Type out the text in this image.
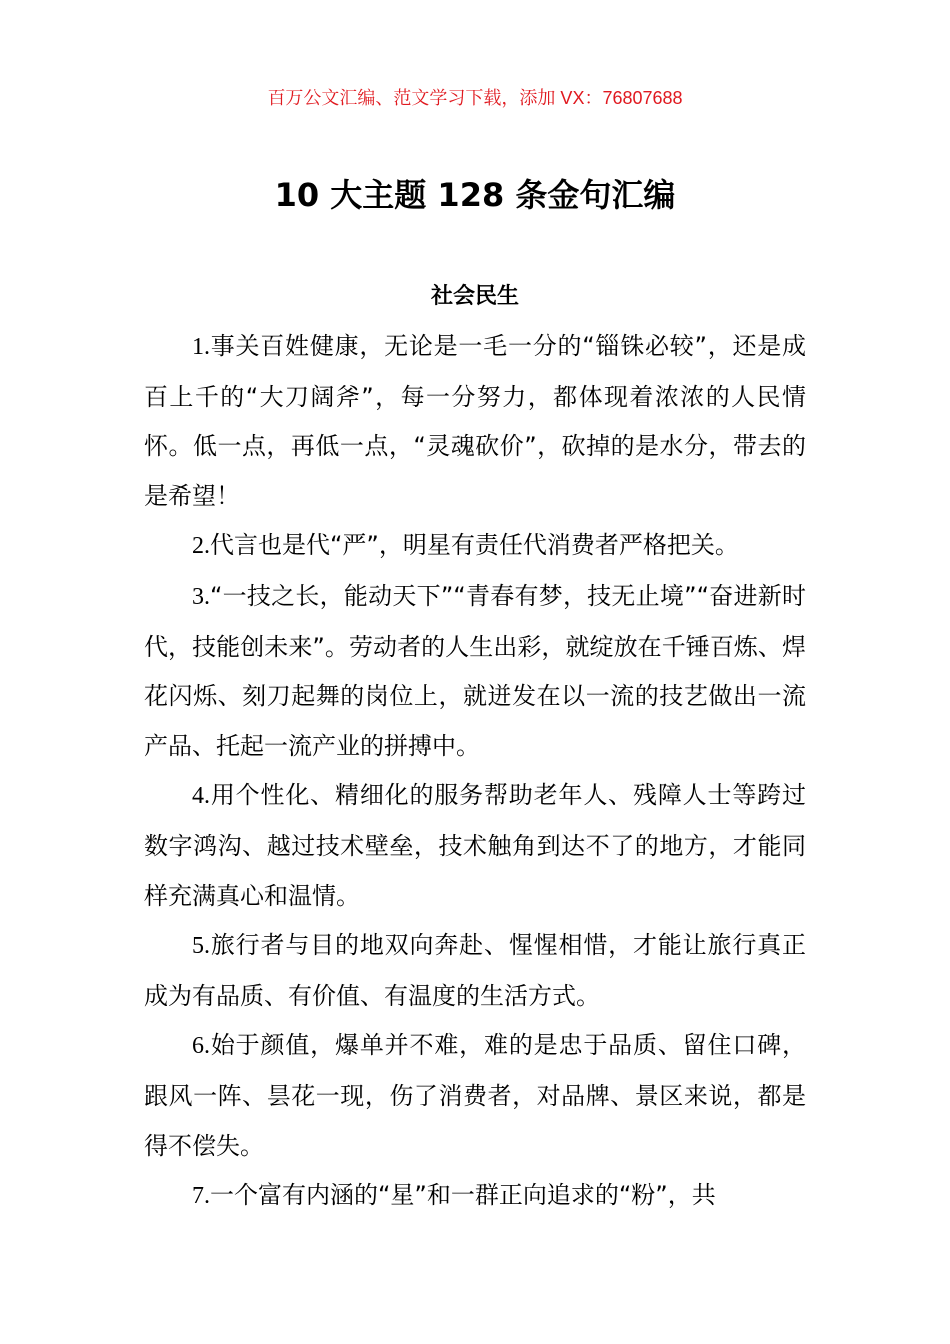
百万公文汇编、范文学习下载，添加 VX：76807688
10 大主题 128 条金句汇编
社会民生

1.事关百姓健康，无论是一毛一分的“锱铢必较”，还是成百上千的“大刀阔斧”，每一分努力，都体现着浓浓的人民情怀。低一点，再低一点，“灵魂砍价”，砍掉的是水分，带去的是希望！

2.代言也是代“严”，明星有责任代消费者严格把关。

3.“一技之长，能动天下”“青春有梦，技无止境”“奋进新时代，技能创未来”。劳动者的人生出彩，就绽放在千锤百炼、焊花闪烁、刻刀起舞的岗位上，就迸发在以一流的技艺做出一流产品、托起一流产业的拼搏中。

4.用个性化、精细化的服务帮助老年人、残障人士等跨过数字鸿沟、越过技术壁垒，技术触角到达不了的地方，才能同样充满真心和温情。

5.旅行者与目的地双向奔赴、惺惺相惜，才能让旅行真正成为有品质、有价值、有温度的生活方式。

6.始于颜值，爆单并不难，难的是忠于品质、留住口碑，跟风一阵、昙花一现，伤了消费者，对品牌、景区来说，都是得不偿失。

7.一个富有内涵的“星”和一群正向追求的“粉”，共
